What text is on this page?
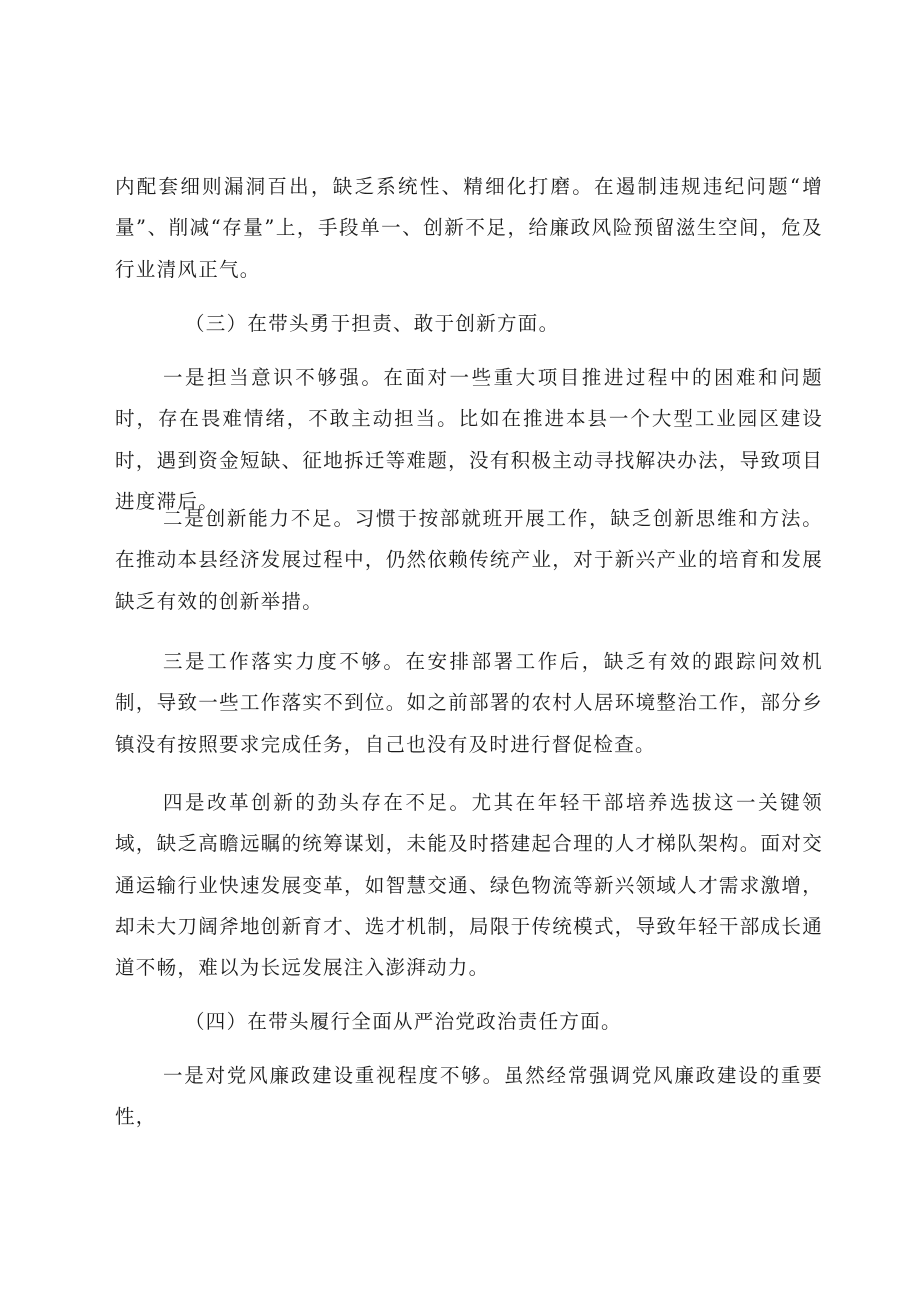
内配套细则漏洞百出，缺乏系统性、精细化打磨。在遏制违规违纪问题“增量”、削减“存量”上，手段单一、创新不足，给廉政风险预留滋生空间，危及行业清风正气。

（三）在带头勇于担责、敢于创新方面。

一是担当意识不够强。在面对一些重大项目推进过程中的困难和问题时，存在畏难情绪，不敢主动担当。比如在推进本县一个大型工业园区建设时，遇到资金短缺、征地拆迁等难题，没有积极主动寻找解决办法，导致项目进度滞后。

二是创新能力不足。习惯于按部就班开展工作，缺乏创新思维和方法。在推动本县经济发展过程中，仍然依赖传统产业，对于新兴产业的培育和发展缺乏有效的创新举措。

三是工作落实力度不够。在安排部署工作后，缺乏有效的跟踪问效机制，导致一些工作落实不到位。如之前部署的农村人居环境整治工作，部分乡镇没有按照要求完成任务，自己也没有及时进行督促检查。

四是改革创新的劲头存在不足。尤其在年轻干部培养选拔这一关键领域，缺乏高瞻远瞩的统筹谋划，未能及时搭建起合理的人才梯队架构。面对交通运输行业快速发展变革，如智慧交通、绿色物流等新兴领域人才需求激增，却未大刀阔斧地创新育才、选才机制，局限于传统模式，导致年轻干部成长通道不畅，难以为长远发展注入澎湃动力。

（四）在带头履行全面从严治党政治责任方面。

一是对党风廉政建设重视程度不够。虽然经常强调党风廉政建设的重要性，
